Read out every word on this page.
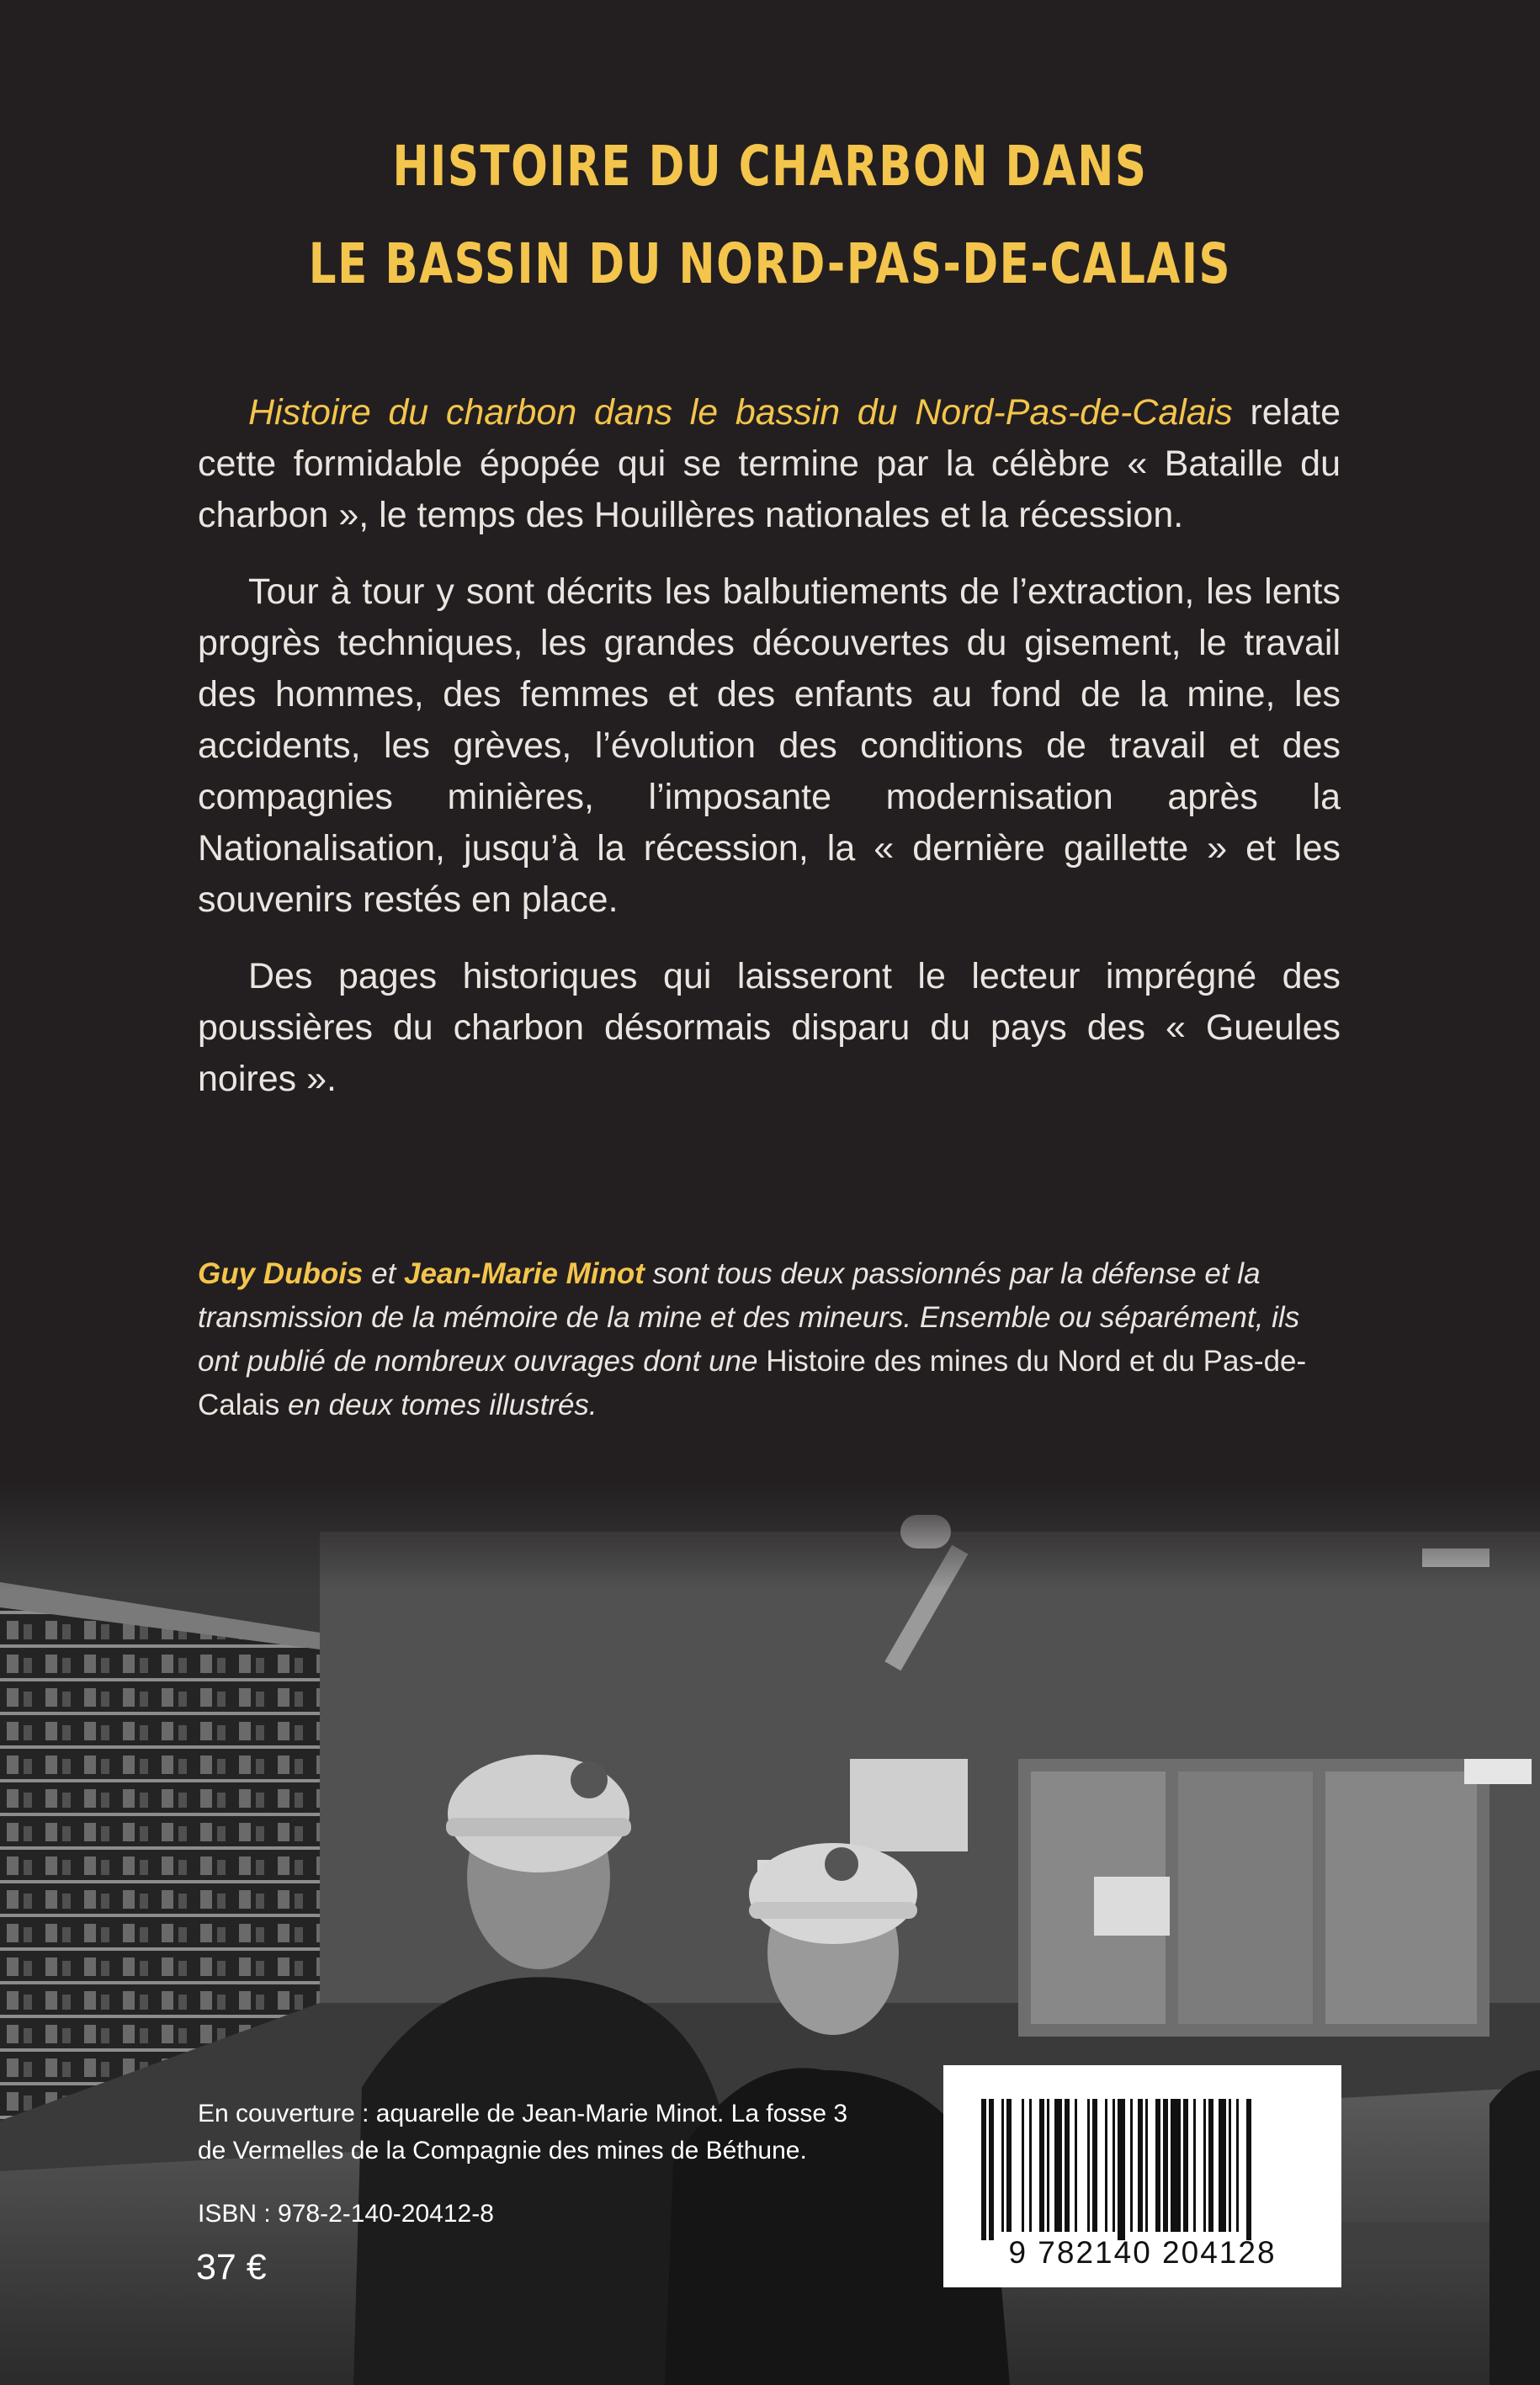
HISTOIRE DU CHARBON DANS
LE BASSIN DU NORD-PAS-DE-CALAIS

Histoire du charbon dans le bassin du Nord-Pas-de-Calais relate cette formidable épopée qui se termine par la célèbre « Bataille du charbon », le temps des Houillères nationales et la récession.

Tour à tour y sont décrits les balbutiements de l’extraction, les lents progrès techniques, les grandes découvertes du gisement, le travail des hommes, des femmes et des enfants au fond de la mine, les accidents, les grèves, l’évolution des conditions de travail et des compagnies minières, l’imposante modernisation après la Nationalisation, jusqu’à la récession, la « dernière gaillette » et les souvenirs restés en place.

Des pages historiques qui laisseront le lecteur imprégné des poussières du charbon désormais disparu du pays des « Gueules noires ».

Guy Dubois et Jean-Marie Minot sont tous deux passionnés par la défense et la transmission de la mémoire de la mine et des mineurs. Ensemble ou séparément, ils ont publié de nombreux ouvrages dont une Histoire des mines du Nord et du Pas-de-Calais en deux tomes illustrés.
En couverture : aquarelle de Jean-Marie Minot. La fosse 3
de Vermelles de la Compagnie des mines de Béthune.
ISBN : 978-2-140-20412-8
37 €	9 782140 204128
